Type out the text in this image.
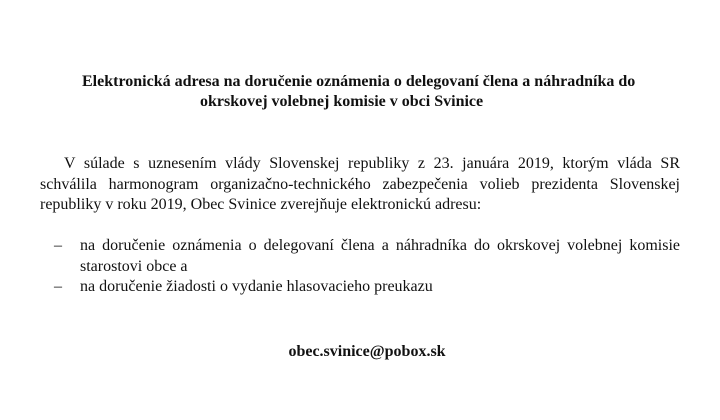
Elektronická adresa na doručenie oznámenia o delegovaní člena a náhradníka do
okrskovej volebnej komisie v obci Svinice
V súlade s uznesením vlády Slovenskej republiky z 23. januára 2019, ktorým vláda SR schválila harmonogram organizačno-technického zabezpečenia volieb prezidenta Slovenskej republiky v roku 2019, Obec Svinice zverejňuje elektronickú adresu:
– na doručenie oznámenia o delegovaní člena a náhradníka do okrskovej volebnej komisie starostovi obce a
– na doručenie žiadosti o vydanie hlasovacieho preukazu
obec.svinice@pobox.sk
